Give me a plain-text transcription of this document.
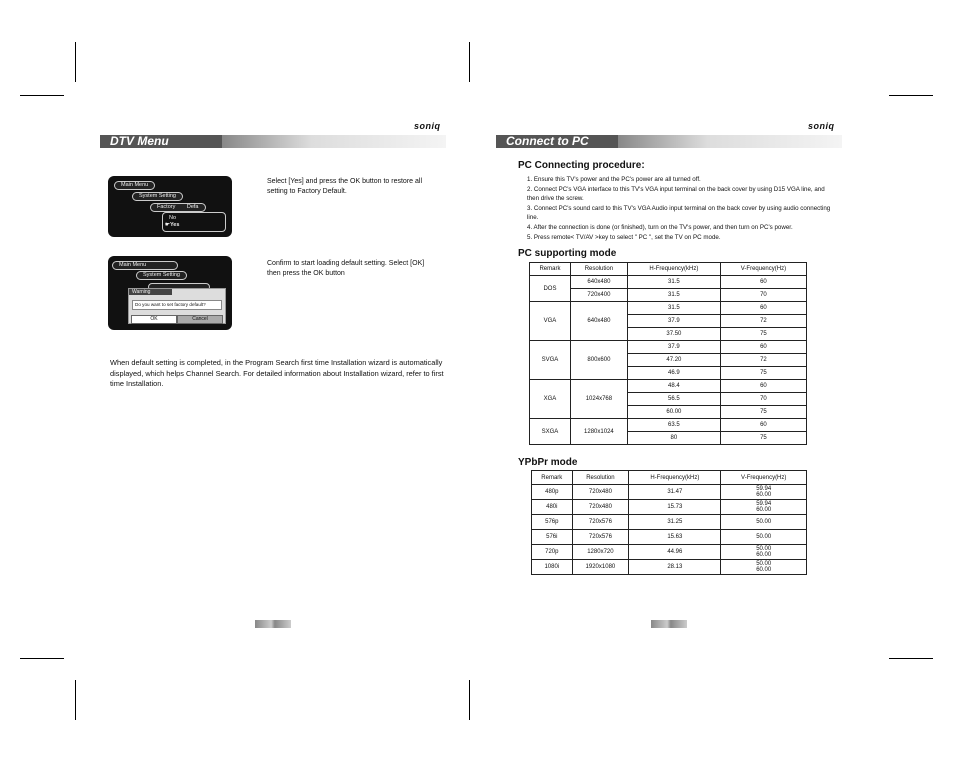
soniq
DTV Menu
Main Menu
System Setting
Factory Defa
No
☛Yes
Select [Yes] and press the OK button to restore all setting to Factory Default.
Main Menu
System Setting
Warning
Do you want to set factory default?
OK	Cancel
Confirm to start loading default setting. Select [OK] then press the OK button
When default setting is completed, in the Program Search first time Installation wizard is automatically displayed, which helps Channel Search. For detailed information about Installation wizard, refer to first time Installation.
soniq
Connect to PC
PC Connecting procedure:
1. Ensure this TV's power and the PC's power are all turned off.
2. Connect PC's VGA interface to this TV's VGA input terminal on the back cover by using D15 VGA line, and then drive the screw.
3. Connect PC's sound card to this TV's VGA Audio input terminal on the back cover by using audio connecting line.
4. After the connection is done (or finished), turn on the TV's power, and then turn on PC's power.
5. Press remote< TV/AV >key to select " PC ", set the TV on PC mode.
PC supporting mode
Remark	Resolution	H-Frequency(kHz)	V-Frequency(Hz)
DOS	640x480	31.5	60
	720x400	31.5	70
VGA	640x480	31.5	60
		37.9	72
		37.50	75
SVGA	800x600	37.9	60
		47.20	72
		46.9	75
XGA	1024x768	48.4	60
		56.5	70
		60.00	75
SXGA	1280x1024	63.5	60
		80	75
YPbPr mode
Remark	Resolution	H-Frequency(kHz)	V-Frequency(Hz)
480p	720x480	31.47	59.94
60.00
480i	720x480	15.73	59.94
60.00
576p	720x576	31.25	50.00
576i	720x576	15.63	50.00
720p	1280x720	44.96	50.00
60.00
1080i	1920x1080	28.13	50.00
60.00
